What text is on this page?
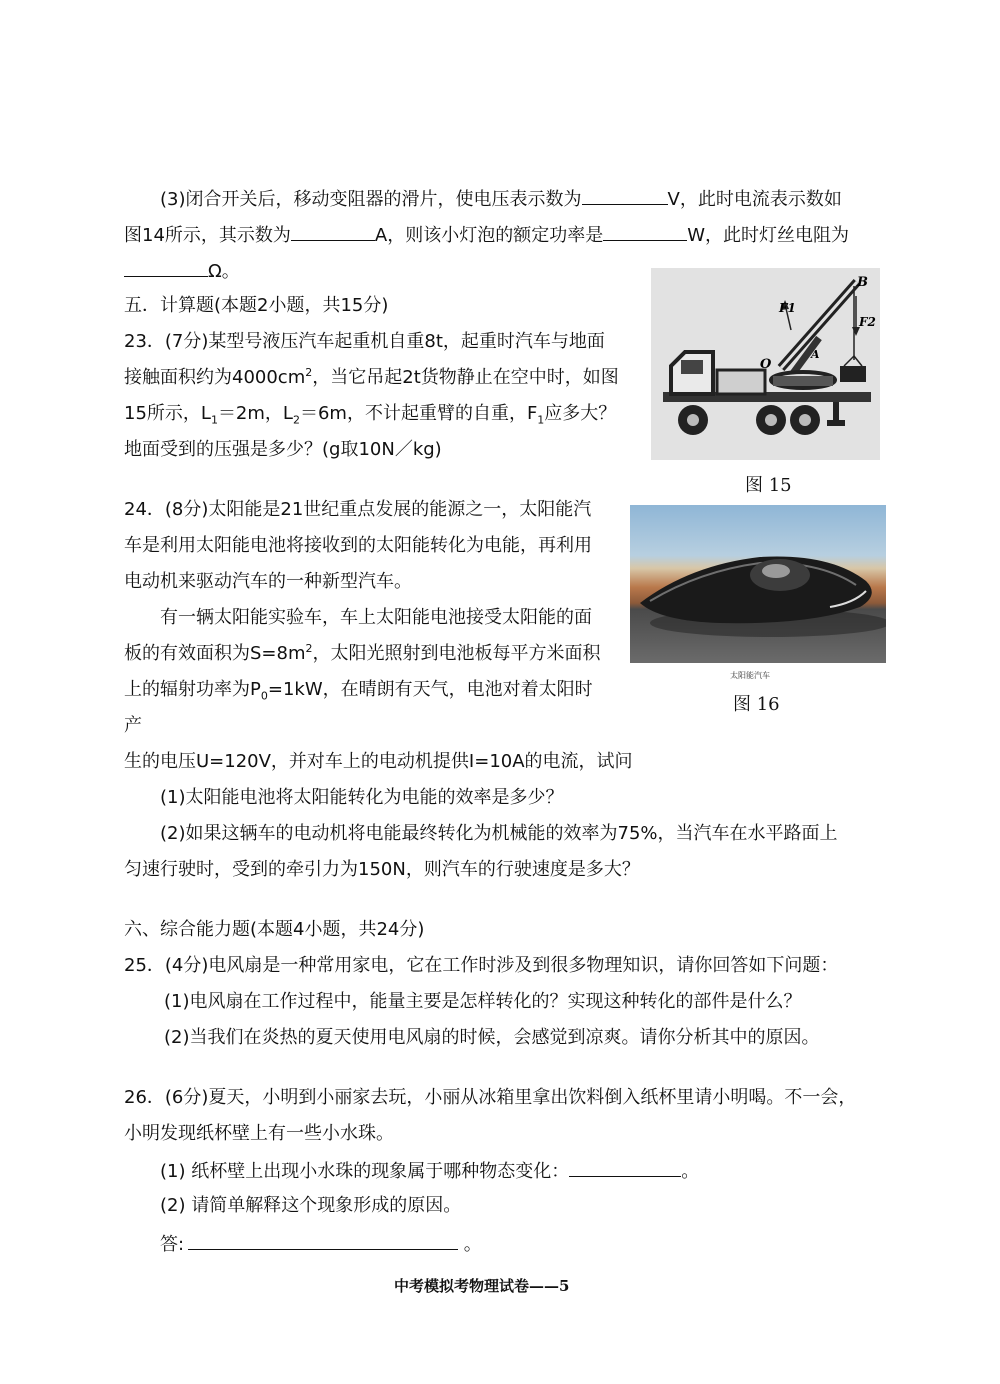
(3)闭合开关后，移动变阻器的滑片，使电压表示数为	V，此时电流表示数如
图14所示，其示数为	A，则该小灯泡的额定功率是	W，此时灯丝电阻为
Ω。
五．计算题(本题2小题，共15分)
23．(7分)某型号液压汽车起重机自重8t，起重时汽车与地面
接触面积约为$4000cm^2$，当它吊起2t货物静止在空中时，如图
15所示，$L_1=2m$，$L_2=6m$，不计起重臂的自重，$F_1$应多大？
地面受到的压强是多少？(g取10N／kg)
B
F1
F2
O
A
图 15
24．(8分)太阳能是21世纪重点发展的能源之一，太阳能汽
车是利用太阳能电池将接收到的太阳能转化为电能，再利用
电动机来驱动汽车的一种新型汽车。
有一辆太阳能实验车，车上太阳能电池接受太阳能的面
板的有效面积为$S=8m^2$，太阳光照射到电池板每平方米面积
上的辐射功率为$P_0=1kW$，在晴朗有天气，电池对着太阳时
产
生的电压U=120V，并对车上的电动机提供I=10A的电流，试问
(1)太阳能电池将太阳能转化为电能的效率是多少？
(2)如果这辆车的电动机将电能最终转化为机械能的效率为75%，当汽车在水平路面上
匀速行驶时，受到的牵引力为150N，则汽车的行驶速度是多大？
太阳能汽车
图 16
六、综合能力题(本题4小题，共24分)
25．(4分)电风扇是一种常用家电，它在工作时涉及到很多物理知识，请你回答如下问题：
(1)电风扇在工作过程中，能量主要是怎样转化的？实现这种转化的部件是什么？
(2)当我们在炎热的夏天使用电风扇的时候，会感觉到凉爽。请你分析其中的原因。
26．(6分)夏天，小明到小丽家去玩，小丽从冰箱里拿出饮料倒入纸杯里请小明喝。不一会，
小明发现纸杯壁上有一些小水珠。
(1) 纸杯壁上出现小水珠的现象属于哪种物态变化：	。
(2) 请简单解释这个现象形成的原因。
答:	。
中考模拟考物理试卷——5
